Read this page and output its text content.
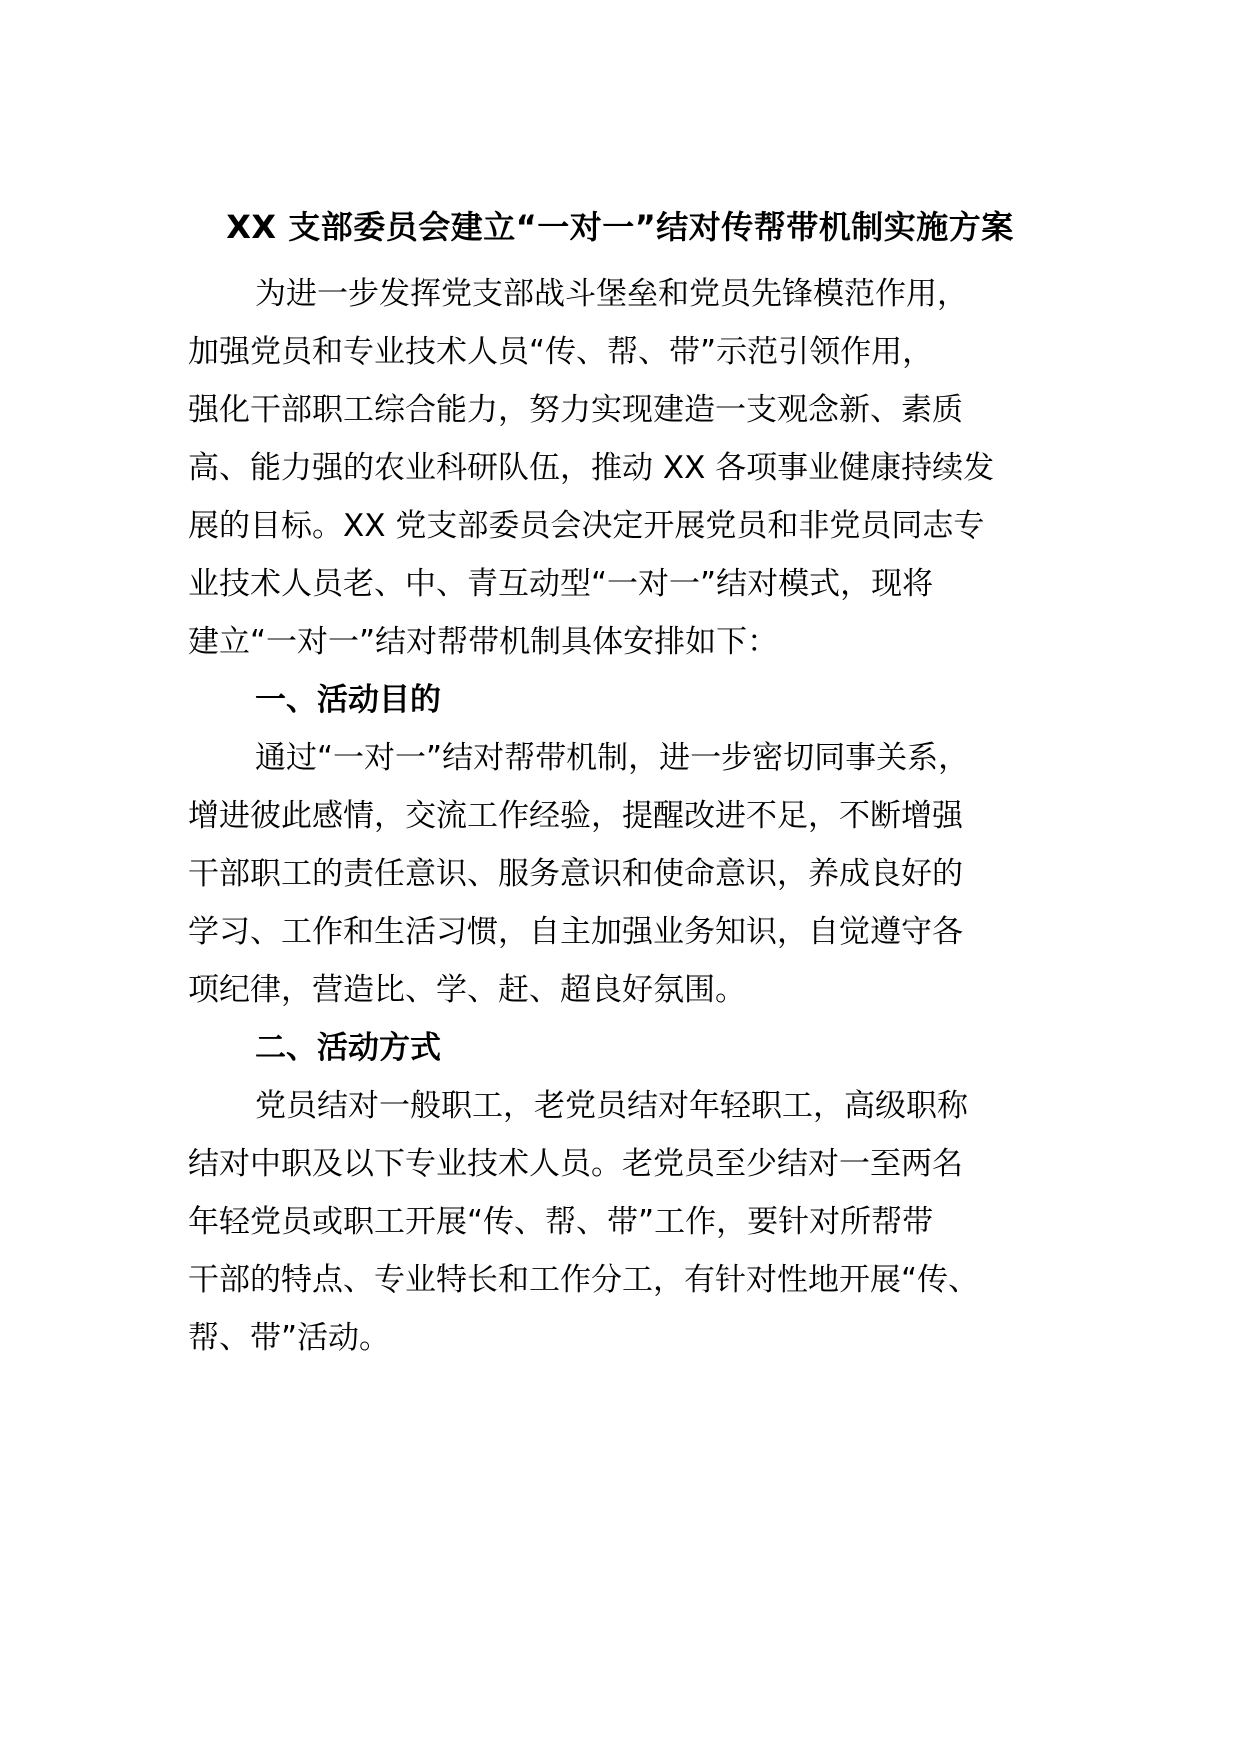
XX 支部委员会建立“一对一”结对传帮带机制实施方案

为进一步发挥党支部战斗堡垒和党员先锋模范作用，

加强党员和专业技术人员“传、帮、带”示范引领作用，

强化干部职工综合能力，努力实现建造一支观念新、素质

高、能力强的农业科研队伍，推动 XX 各项事业健康持续发

展的目标。XX 党支部委员会决定开展党员和非党员同志专

业技术人员老、中、青互动型“一对一”结对模式，现将

建立“一对一”结对帮带机制具体安排如下：

一、活动目的

通过“一对一”结对帮带机制，进一步密切同事关系，

增进彼此感情，交流工作经验，提醒改进不足，不断增强

干部职工的责任意识、服务意识和使命意识，养成良好的

学习、工作和生活习惯，自主加强业务知识，自觉遵守各

项纪律，营造比、学、赶、超良好氛围。

二、活动方式

党员结对一般职工，老党员结对年轻职工，高级职称

结对中职及以下专业技术人员。老党员至少结对一至两名

年轻党员或职工开展“传、帮、带”工作，要针对所帮带

干部的特点、专业特长和工作分工，有针对性地开展“传、

帮、带”活动。
